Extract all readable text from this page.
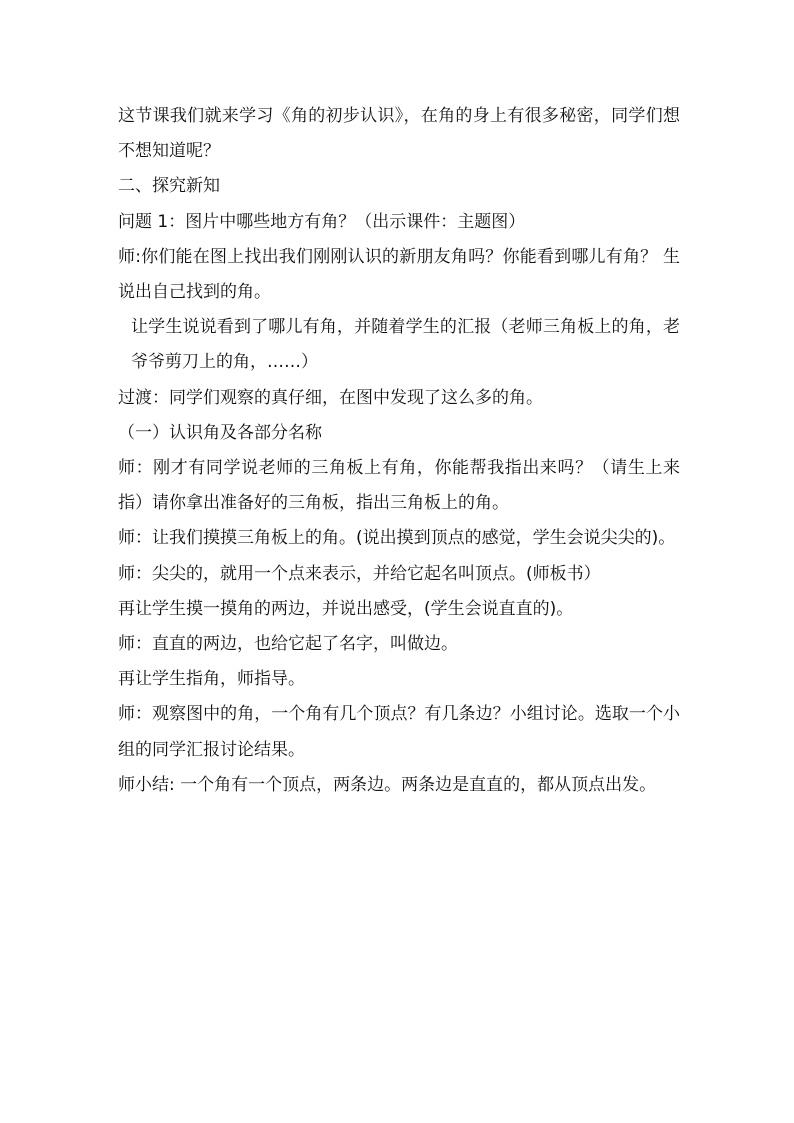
这节课我们就来学习《角的初步认识》，在角的身上有很多秘密，同学们想不想知道呢？

二、探究新知

问题 1：图片中哪些地方有角？（出示课件：主题图）

师:你们能在图上找出我们刚刚认识的新朋友角吗？你能看到哪儿有角？ 生说出自己找到的角。

让学生说说看到了哪儿有角，并随着学生的汇报（老师三角板上的角，老爷爷剪刀上的角，……）

过渡：同学们观察的真仔细，在图中发现了这么多的角。

（一）认识角及各部分名称

师：刚才有同学说老师的三角板上有角，你能帮我指出来吗？（请生上来指）请你拿出准备好的三角板，指出三角板上的角。

师：让我们摸摸三角板上的角。(说出摸到顶点的感觉，学生会说尖尖的)。

师：尖尖的，就用一个点来表示，并给它起名叫顶点。(师板书）

再让学生摸一摸角的两边，并说出感受，(学生会说直直的)。

师：直直的两边，也给它起了名字，叫做边。

再让学生指角，师指导。

师：观察图中的角，一个角有几个顶点？有几条边？小组讨论。选取一个小组的同学汇报讨论结果。

师小结: 一个角有一个顶点，两条边。两条边是直直的，都从顶点出发。
